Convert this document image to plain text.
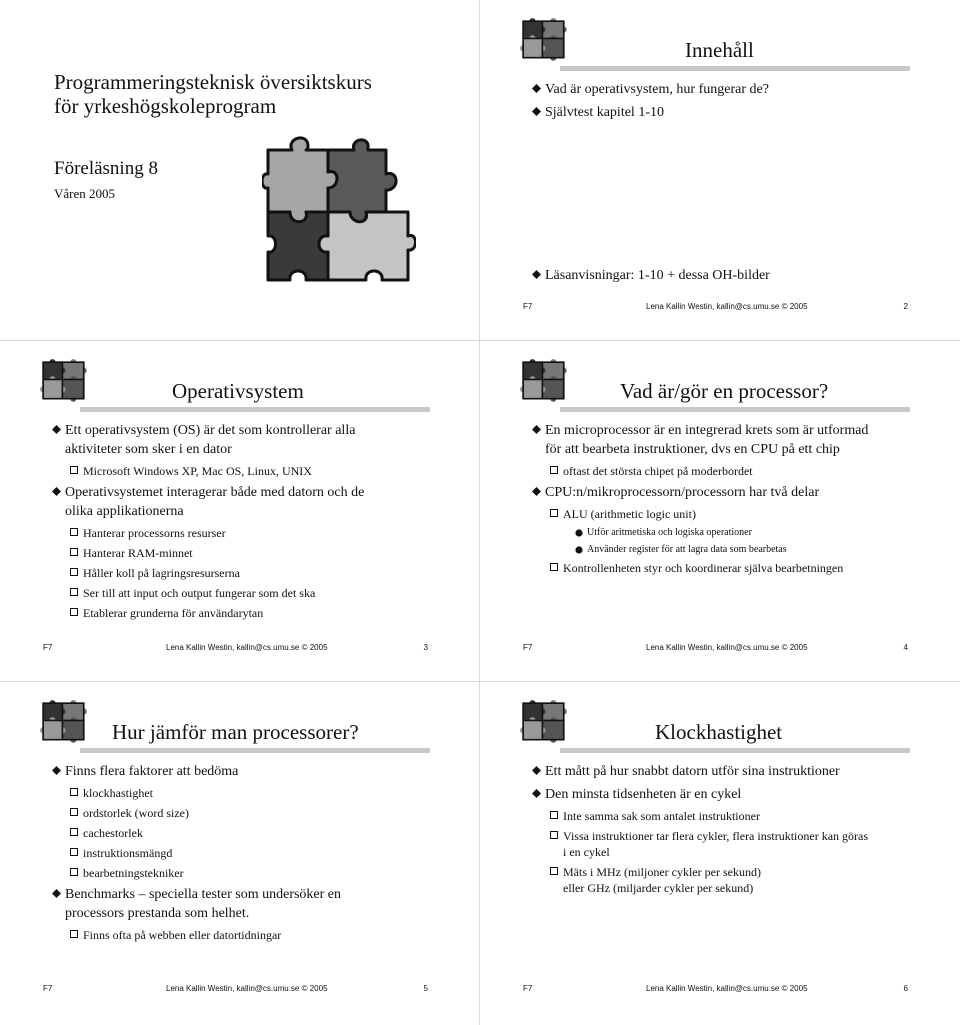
Programmeringsteknisk översiktskurs
för yrkeshögskoleprogram
Föreläsning 8
Våren 2005
Innehåll
Vad är operativsystem, hur fungerar de?
Självtest kapitel 1-10
Läsanvisningar: 1-10 + dessa OH-bilder
F7	Lena Kallin Westin, kallin@cs.umu.se © 2005	2
Operativsystem
Ett operativsystem (OS) är det som kontrollerar alla
aktiviteter som sker i en dator
Microsoft Windows XP, Mac OS, Linux, UNIX
Operativsystemet interagerar både med datorn och de
olika applikationerna
Hanterar processorns resurser
Hanterar RAM-minnet
Håller koll på lagringsresurserna
Ser till att input och output fungerar som det ska
Etablerar grunderna för användarytan
F7	Lena Kallin Westin, kallin@cs.umu.se © 2005	3
Vad är/gör en processor?
En microprocessor är en integrerad krets som är utformad
för att bearbeta instruktioner, dvs en CPU på ett chip
oftast det största chipet på moderbordet
CPU:n/mikroprocessorn/processorn har två delar
ALU (arithmetic logic unit)
Utför aritmetiska och logiska operationer
Använder register för att lagra data som bearbetas
Kontrollenheten styr och koordinerar själva bearbetningen
F7	Lena Kallin Westin, kallin@cs.umu.se © 2005	4
Hur jämför man processorer?
Finns flera faktorer att bedöma
klockhastighet
ordstorlek (word size)
cachestorlek
instruktionsmängd
bearbetningstekniker
Benchmarks – speciella tester som undersöker en
processors prestanda som helhet.
Finns ofta på webben eller datortidningar
F7	Lena Kallin Westin, kallin@cs.umu.se © 2005	5
Klockhastighet
Ett mått på hur snabbt datorn utför sina instruktioner
Den minsta tidsenheten är en cykel
Inte samma sak som antalet instruktioner
Vissa instruktioner tar flera cykler, flera instruktioner kan göras
i en cykel
Mäts i MHz (miljoner cykler per sekund)
eller GHz (miljarder cykler per sekund)
F7	Lena Kallin Westin, kallin@cs.umu.se © 2005	6
